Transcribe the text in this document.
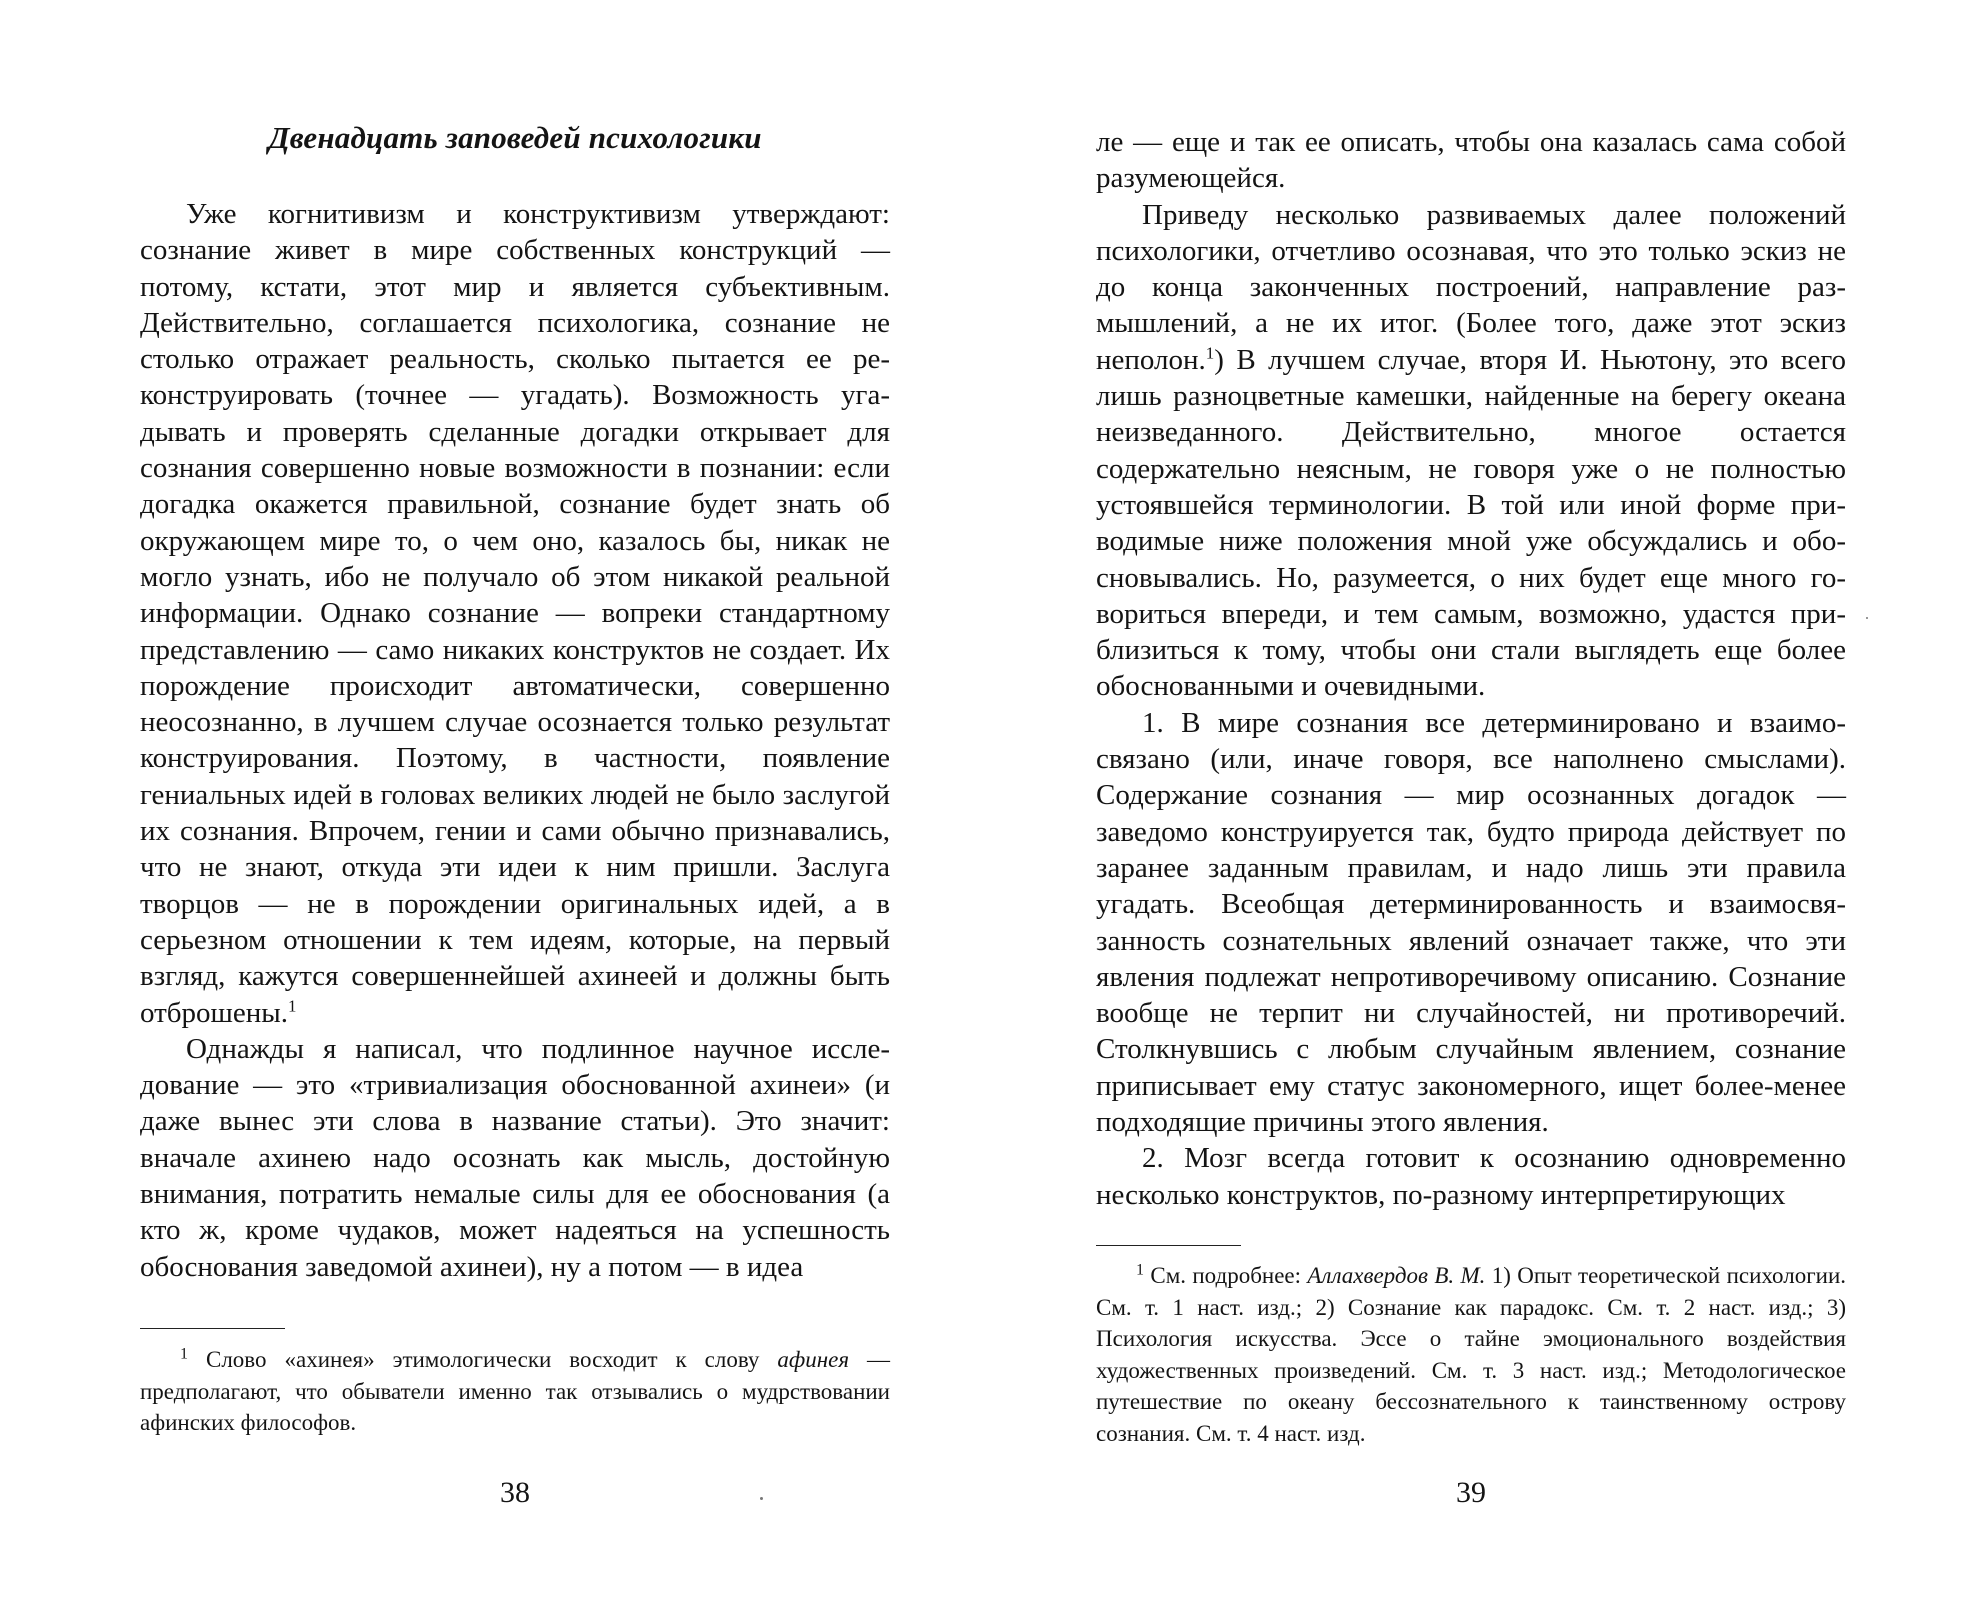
Двенадцать заповедей психологики

Уже когнитивизм и конструктивизм утверждают: сознание живет в мире собственных конструкций — потому, кстати, этот мир и является субъективным. Действительно, соглашается психологика, сознание не столько отражает реальность, сколько пытается ее реконструировать (точнее — угадать). Возможность угадывать и проверять сделанные догадки открывает для сознания совершенно новые возможности в познании: если догадка окажется правильной, сознание будет знать об окружающем мире то, о чем оно, казалось бы, никак не могло узнать, ибо не получало об этом никакой реальной информации. Однако сознание — вопреки стандартному представлению — само никаких конструктов не создает. Их порождение происходит автоматически, совершенно неосознанно, в лучшем случае осознается только результат конструирования. Поэтому, в частности, появление гениальных идей в головах великих людей не было заслугой их сознания. Впрочем, гении и сами обычно признавались, что не знают, откуда эти идеи к ним пришли. Заслуга творцов — не в порождении оригинальных идей, а в серьезном отношении к тем идеям, которые, на первый взгляд, кажутся совершеннейшей ахинеей и должны быть отброшены.$^1$

Однажды я написал, что подлинное научное исследование — это «тривиализация обоснованной ахинеи» (и даже вынес эти слова в название статьи). Это значит: вначале ахинею надо осознать как мысль, достойную внимания, потратить немалые силы для ее обоснования (а кто ж, кроме чудаков, может надеяться на успешность обоснования заведомой ахинеи), ну а потом — в идеа

$^1$ Слово «ахинея» этимологически восходит к слову афинея — предполагают, что обыватели именно так отзывались о мудрствовании афинских философов.

38

ле — еще и так ее описать, чтобы она казалась сама собой разумеющейся.

Приведу несколько развиваемых далее положений психологики, отчетливо осознавая, что это только эскиз не до конца законченных построений, направление размышлений, а не их итог. (Более того, даже этот эскиз неполон.$^1$) В лучшем случае, вторя И. Ньютону, это всего лишь разноцветные камешки, найденные на берегу океана неизведанного. Действительно, многое остается содержательно неясным, не говоря уже о не полностью устоявшейся терминологии. В той или иной форме приводимые ниже положения мной уже обсуждались и обосновывались. Но, разумеется, о них будет еще много говориться впереди, и тем самым, возможно, удастся приблизиться к тому, чтобы они стали выглядеть еще более обоснованными и очевидными.

1. В мире сознания все детерминировано и взаимосвязано (или, иначе говоря, все наполнено смыслами). Содержание сознания — мир осознанных догадок — заведомо конструируется так, будто природа действует по заранее заданным правилам, и надо лишь эти правила угадать. Всеобщая детерминированность и взаимосвязанность сознательных явлений означает также, что эти явления подлежат непротиворечивому описанию. Сознание вообще не терпит ни случайностей, ни противоречий. Столкнувшись с любым случайным явлением, сознание приписывает ему статус закономерного, ищет более-менее подходящие причины этого явления.

2. Мозг всегда готовит к осознанию одновременно несколько конструктов, по-разному интерпретирующих

$^1$ См. подробнее: Аллахвердов В. М. 1) Опыт теоретической психологии. См. т. 1 наст. изд.; 2) Сознание как парадокс. См. т. 2 наст. изд.; 3) Психология искусства. Эссе о тайне эмоционального воздействия художественных произведений. См. т. 3 наст. изд.; Методологическое путешествие по океану бессознательного к таинственному острову сознания. См. т. 4 наст. изд.

39
